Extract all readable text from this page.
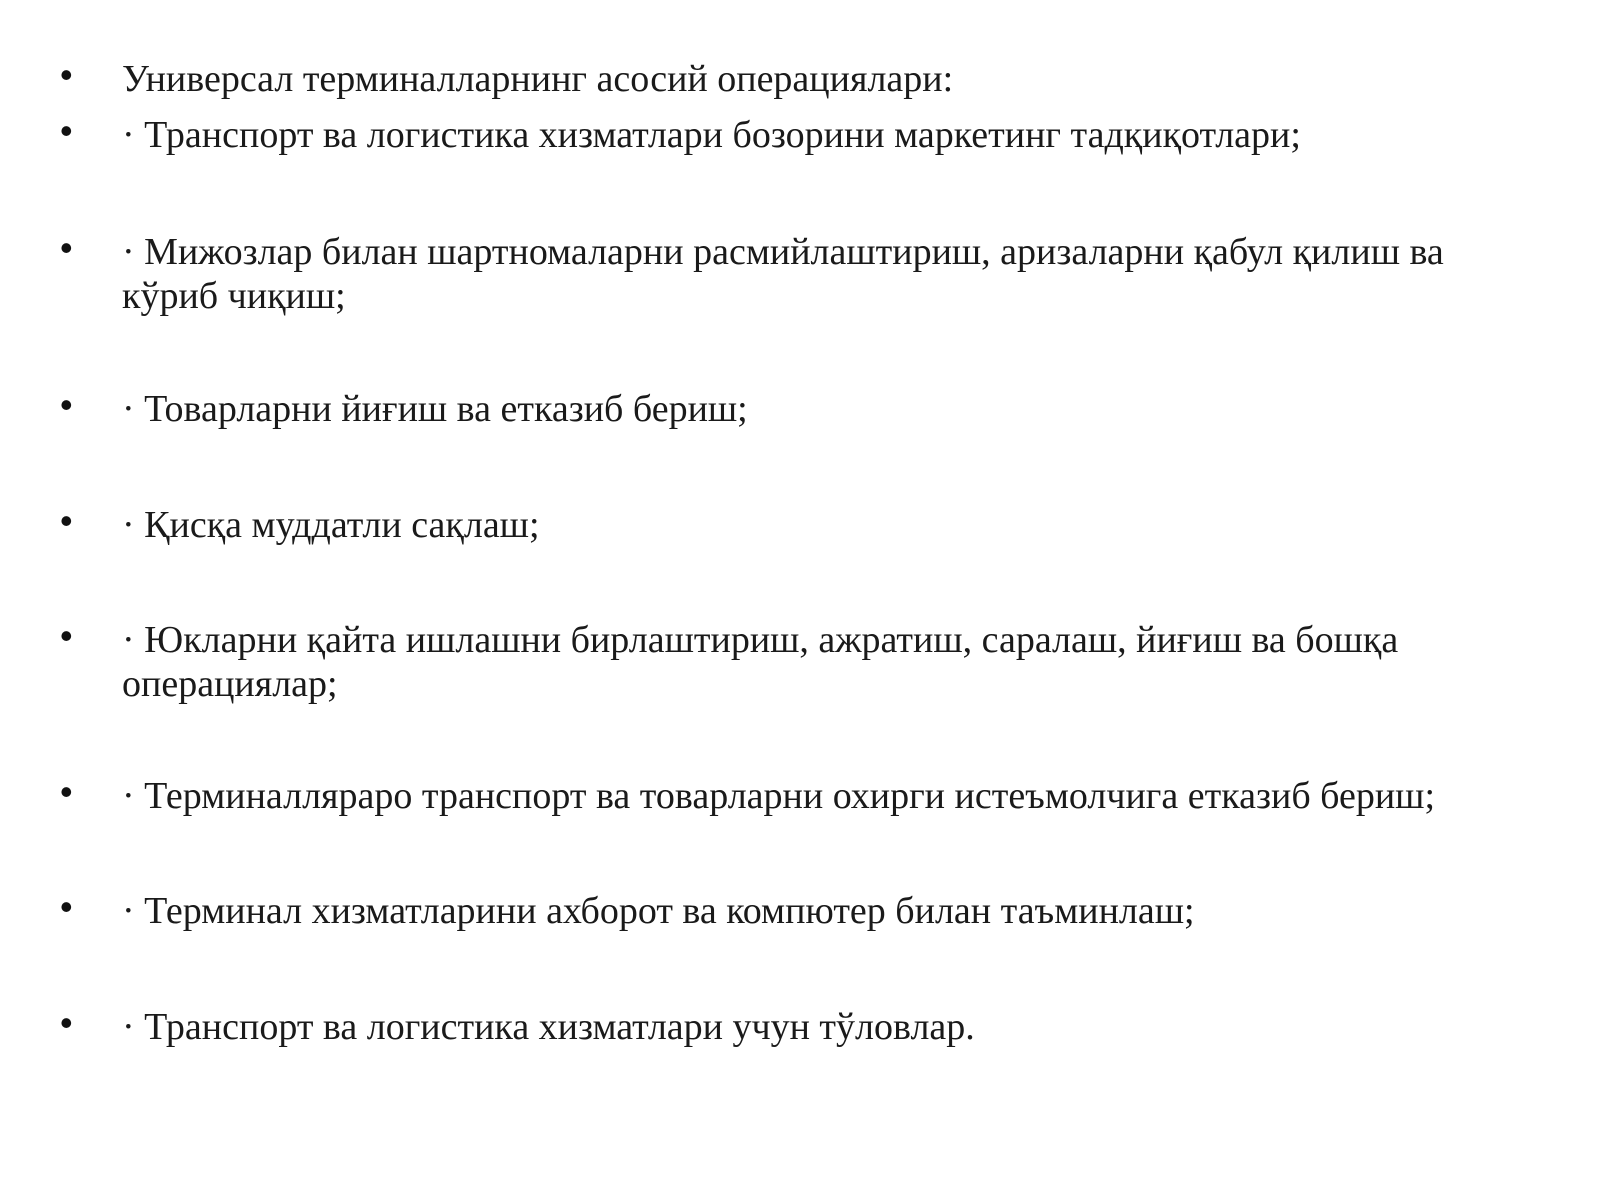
• Универсал терминалларнинг асосий операциялари:
• · Транспорт ва логистика хизматлари бозорини маркетинг тадқиқотлари;
• · Мижозлар билан шартномаларни расмийлаштириш, аризаларни қабул қилиш ва кўриб чиқиш;
• · Товарларни йиғиш ва етказиб бериш;
• · Қисқа муддатли сақлаш;
• · Юкларни қайта ишлашни бирлаштириш, ажратиш, саралаш, йиғиш ва бошқа операциялар;
• · Терминалляраро транспорт ва товарларни охирги истеъмолчига етказиб бериш;
• · Терминал хизматларини ахборот ва компютер билан таъминлаш;
• · Транспорт ва логистика хизматлари учун тўловлар.
